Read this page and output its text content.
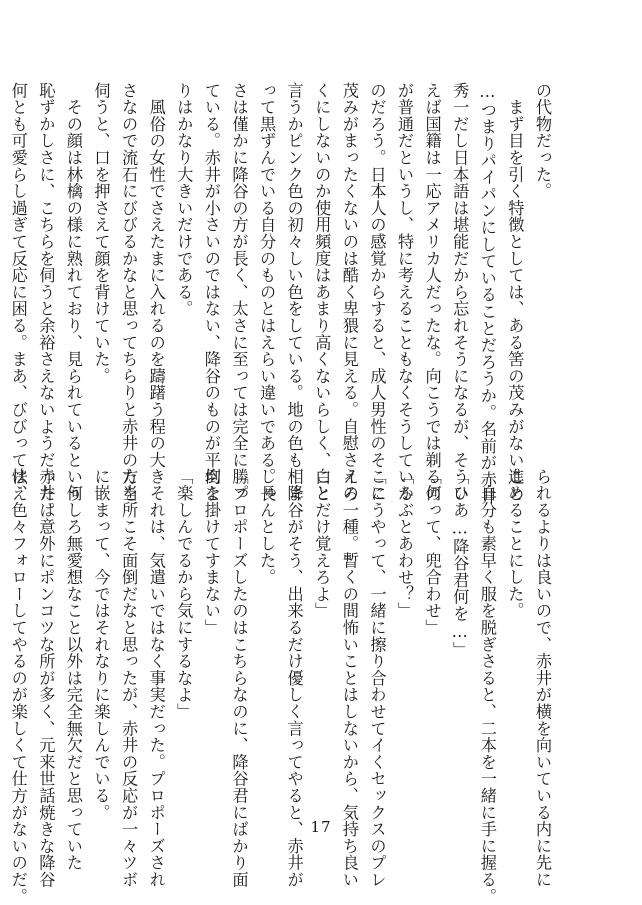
の代物だった。
　まず目を引く特徴としては、ある筈の茂みがないこと
…つまりパイパンにしていることだろうか。名前が赤井
秀一だし日本語は堪能だから忘れそうになるが、そうい
えば国籍は一応アメリカ人だったな。向こうでは剃るの
が普通だというし、特に考えることもなくそうしている
のだろう。日本人の感覚からすると、成人男性のそこに
茂みがまったくないのは酷く卑猥に見える。自慰さえろ
くにしないのか使用頻度はあまり高くないらしく、白と
言うかピンク色の初々しい色をしている。地の色も相ま
って黒ずんでいる自分のものとはえらい違いである。長
さは僅かに降谷の方が長く、太さに至っては完全に勝っ
ている。赤井が小さいのではない、降谷のものが平均よ
りはかなり大きいだけである。
　風俗の女性でさえたまに入れるのを躊躇う程の大き
さなので流石にびびるかなと思ってちらりと赤井の方を
伺うと、口を押さえて顔を背けていた。
　その顔は林檎の様に熟れており、見られているという
恥ずかしさに、こちらを伺うと余裕さえないようだった。
何とも可愛らし過ぎて反応に困る。まあ、びびって怯え
られるよりは良いので、赤井が横を向いている内に先に
進めることにした。
　自分も素早く服を脱ぎさると、二本を一緒に手に握る。
「ひあ…降谷君何を…」
「何って、兜合わせ」
「かぶとあわせ？」
「こうやって、一緒に擦り合わせてイくセックスのプレ
イの一種。暫くの間怖いことはしないから、気持ち良い
ことだけ覚えろよ」
　降谷がそう、出来るだけ優しく言ってやると、赤井が
しゅんとした。
「プロポーズしたのはこちらなのに、降谷君にばかり面
倒を掛けてすまない」
「楽しんでるから気にするなよ」
　それは、気遣いではなく事実だった。プロポーズされ
た当所こそ面倒だなと思ったが、赤井の反応が一々ツボ
に嵌まって、今ではそれなりに楽しんでいる。
　何しろ無愛想なこと以外は完全無欠だと思っていた
赤井は意外にポンコツな所が多く、元来世話焼きな降谷
は、色々フォローしてやるのが楽しくて仕方がないのだ。	17
